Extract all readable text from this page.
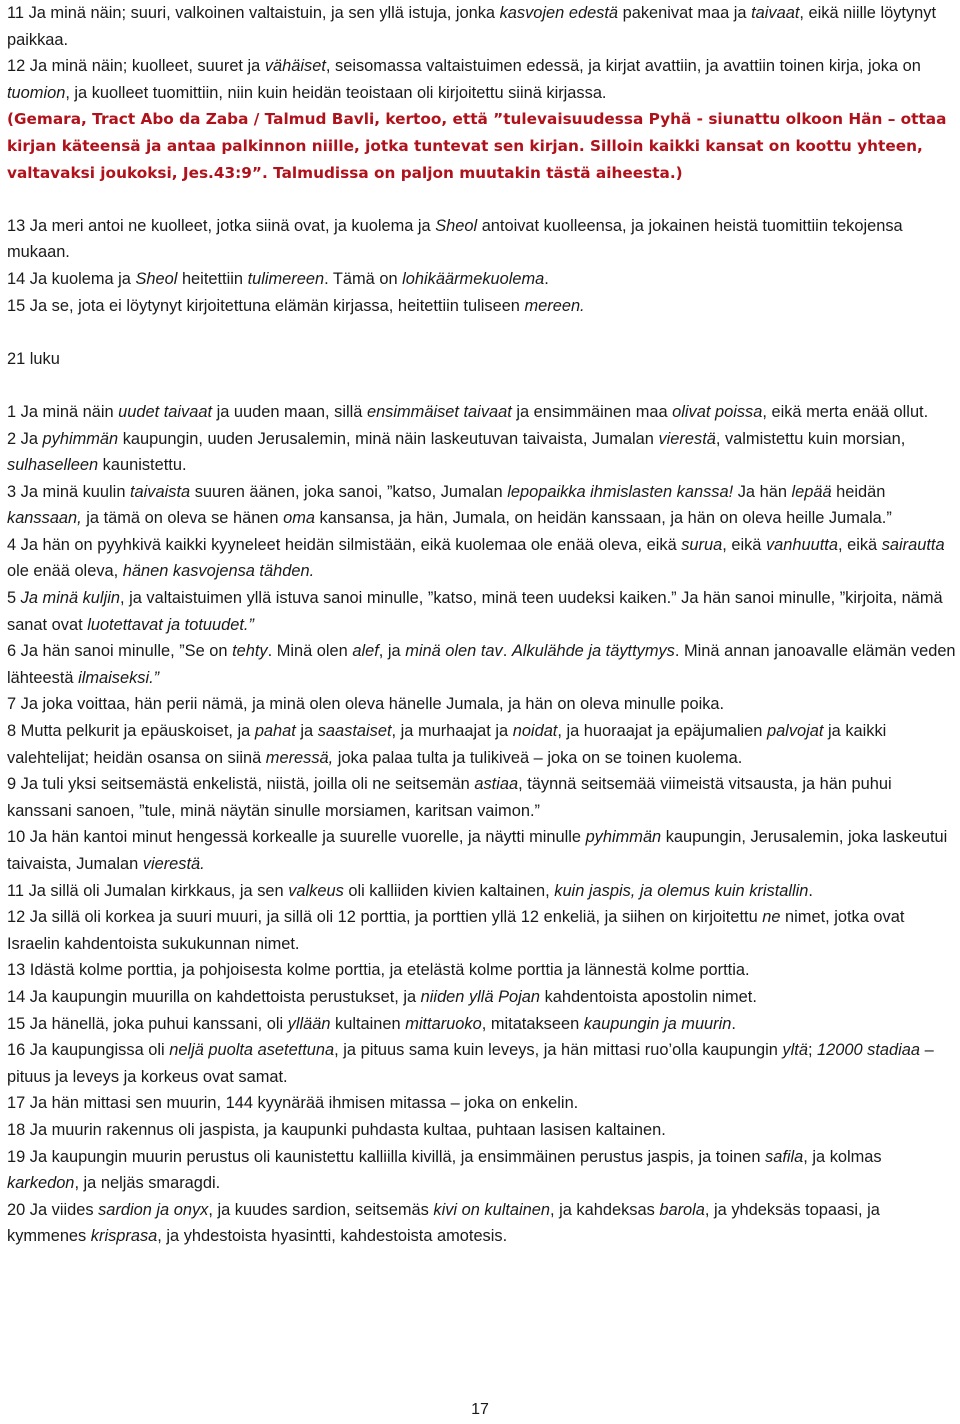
11 Ja minä näin; suuri, valkoinen valtaistuin, ja sen yllä istuja, jonka kasvojen edestä pakenivat maa ja taivaat, eikä niille löytynyt paikkaa.

12 Ja minä näin; kuolleet, suuret ja vähäiset, seisomassa valtaistuimen edessä, ja kirjat avattiin, ja avattiin toinen kirja, joka on tuomion, ja kuolleet tuomittiin, niin kuin heidän teoistaan oli kirjoitettu siinä kirjassa.

(Gemara, Tract Abo da Zaba / Talmud Bavli, kertoo, että ”tulevaisuudessa Pyhä - siunattu olkoon Hän – ottaa kirjan käteensä ja antaa palkinnon niille, jotka tuntevat sen kirjan. Silloin kaikki kansat on koottu yhteen, valtavaksi joukoksi, Jes.43:9”. Talmudissa on paljon muutakin tästä aiheesta.)

13 Ja meri antoi ne kuolleet, jotka siinä ovat, ja kuolema ja Sheol antoivat kuolleensa, ja jokainen heistä tuomittiin tekojensa mukaan.

14 Ja kuolema ja Sheol heitettiin tulimereen. Tämä on lohikäärmekuolema.

15 Ja se, jota ei löytynyt kirjoitettuna elämän kirjassa, heitettiin tuliseen mereen.

21 luku

1 Ja minä näin uudet taivaat ja uuden maan, sillä ensimmäiset taivaat ja ensimmäinen maa olivat poissa, eikä merta enää ollut.

2 Ja pyhimmän kaupungin, uuden Jerusalemin, minä näin laskeutuvan taivaista, Jumalan vierestä, valmistettu kuin morsian, sulhaselleen kaunistettu.

3 Ja minä kuulin taivaista suuren äänen, joka sanoi, ”katso, Jumalan lepopaikka ihmislasten kanssa! Ja hän lepää heidän kanssaan, ja tämä on oleva se hänen oma kansansa, ja hän, Jumala, on heidän kanssaan, ja hän on oleva heille Jumala.”

4 Ja hän on pyyhkivä kaikki kyyneleet heidän silmistään, eikä kuolemaa ole enää oleva, eikä surua, eikä vanhuutta, eikä sairautta ole enää oleva, hänen kasvojensa tähden.

5 Ja minä kuljin, ja valtaistuimen yllä istuva sanoi minulle, ”katso, minä teen uudeksi kaiken.” Ja hän sanoi minulle, ”kirjoita, nämä sanat ovat luotettavat ja totuudet.”

6 Ja hän sanoi minulle, ”Se on tehty. Minä olen alef, ja minä olen tav. Alkulähde ja täyttymys. Minä annan janoavalle elämän veden lähteestä ilmaiseksi.”

7 Ja joka voittaa, hän perii nämä, ja minä olen oleva hänelle Jumala, ja hän on oleva minulle poika.

8 Mutta pelkurit ja epäuskoiset, ja pahat ja saastaiset, ja murhaajat ja noidat, ja huoraajat ja epäjumalien palvojat ja kaikki valehtelijat; heidän osansa on siinä meressä, joka palaa tulta ja tulikiveä – joka on se toinen kuolema.

9 Ja tuli yksi seitsemästä enkelistä, niistä, joilla oli ne seitsemän astiaa, täynnä seitsemää viimeistä vitsausta, ja hän puhui kanssani sanoen, ”tule, minä näytän sinulle morsiamen, karitsan vaimon.”

10 Ja hän kantoi minut hengessä korkealle ja suurelle vuorelle, ja näytti minulle pyhimmän kaupungin, Jerusalemin, joka laskeutui taivaista, Jumalan vierestä.

11 Ja sillä oli Jumalan kirkkaus, ja sen valkeus oli kalliiden kivien kaltainen, kuin jaspis, ja olemus kuin kristallin.

12 Ja sillä oli korkea ja suuri muuri, ja sillä oli 12 porttia, ja porttien yllä 12 enkeliä, ja siihen on kirjoitettu ne nimet, jotka ovat Israelin kahdentoista sukukunnan nimet.

13 Idästä kolme porttia, ja pohjoisesta kolme porttia, ja etelästä kolme porttia ja lännestä kolme porttia.

14 Ja kaupungin muurilla on kahdettoista perustukset, ja niiden yllä Pojan kahdentoista apostolin nimet.

15 Ja hänellä, joka puhui kanssani, oli yllään kultainen mittaruoko, mitatakseen kaupungin ja muurin.

16 Ja kaupungissa oli neljä puolta asetettuna, ja pituus sama kuin leveys, ja hän mittasi ruo’olla kaupungin yltä; 12000 stadiaa – pituus ja leveys ja korkeus ovat samat.

17 Ja hän mittasi sen muurin, 144 kyynärää ihmisen mitassa – joka on enkelin.

18 Ja muurin rakennus oli jaspista, ja kaupunki puhdasta kultaa, puhtaan lasisen kaltainen.

19 Ja kaupungin muurin perustus oli kaunistettu kalliilla kivillä, ja ensimmäinen perustus jaspis, ja toinen safila, ja kolmas karkedon, ja neljäs smaragdi.

20 Ja viides sardion ja onyx, ja kuudes sardion, seitsemäs kivi on kultainen, ja kahdeksas barola, ja yhdeksäs topaasi, ja kymmenes krisprasa, ja yhdestoista hyasintti, kahdestoista amotesis.

17
